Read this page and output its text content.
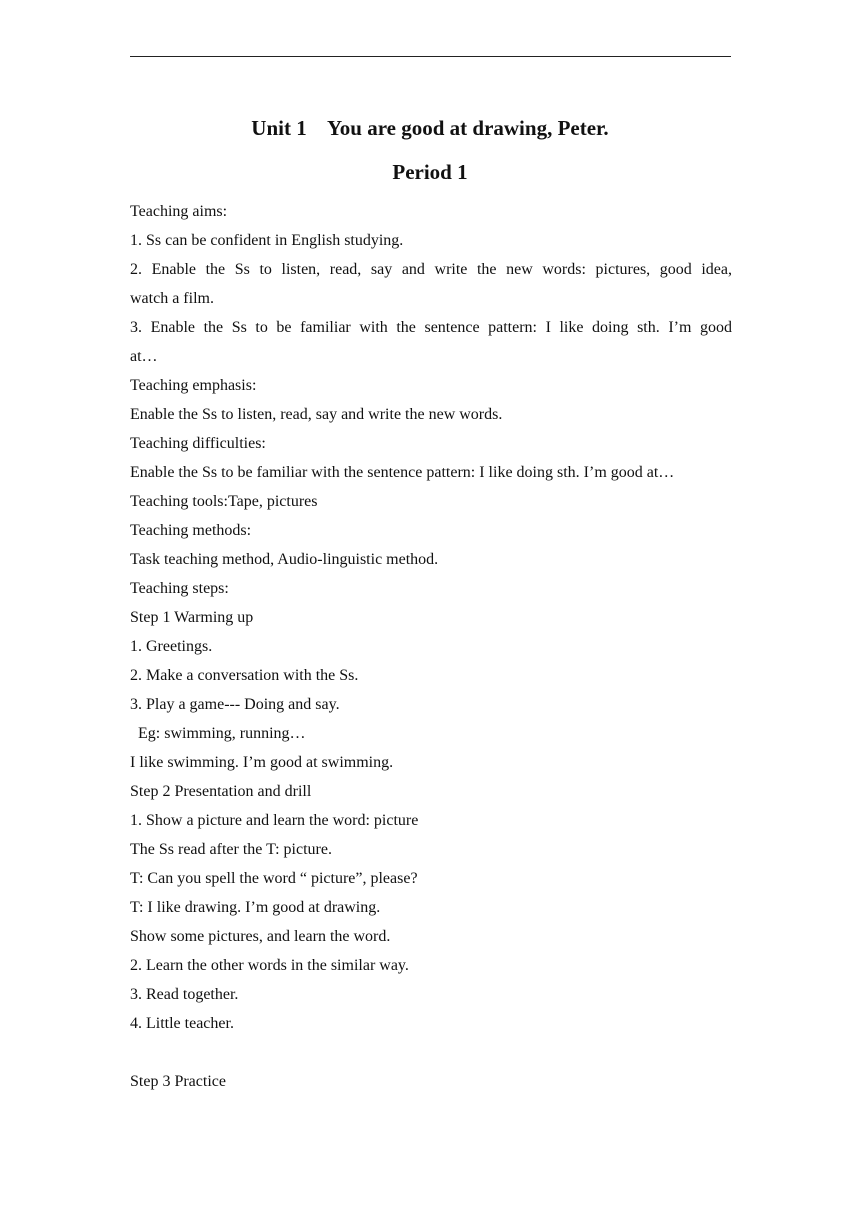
Unit 1    You are good at drawing, Peter.
Period 1
Teaching aims:
1. Ss can be confident in English studying.
2. Enable the Ss to listen, read, say and write the new words: pictures, good idea,
watch a film.
3. Enable the Ss to be familiar with the sentence pattern: I like doing sth. I’m good
at…
Teaching emphasis:
Enable the Ss to listen, read, say and write the new words.
Teaching difficulties:
Enable the Ss to be familiar with the sentence pattern: I like doing sth. I’m good at…
Teaching tools:Tape, pictures
Teaching methods:
Task teaching method, Audio-linguistic method.
Teaching steps:
Step 1 Warming up
1. Greetings.
2. Make a conversation with the Ss.
3. Play a game--- Doing and say.
Eg: swimming, running…
I like swimming. I’m good at swimming.
Step 2 Presentation and drill
1. Show a picture and learn the word: picture
The Ss read after the T: picture.
T: Can you spell the word “ picture”, please?
T: I like drawing. I’m good at drawing.
Show some pictures, and learn the word.
2. Learn the other words in the similar way.
3. Read together.
4. Little teacher.
Step 3 Practice
